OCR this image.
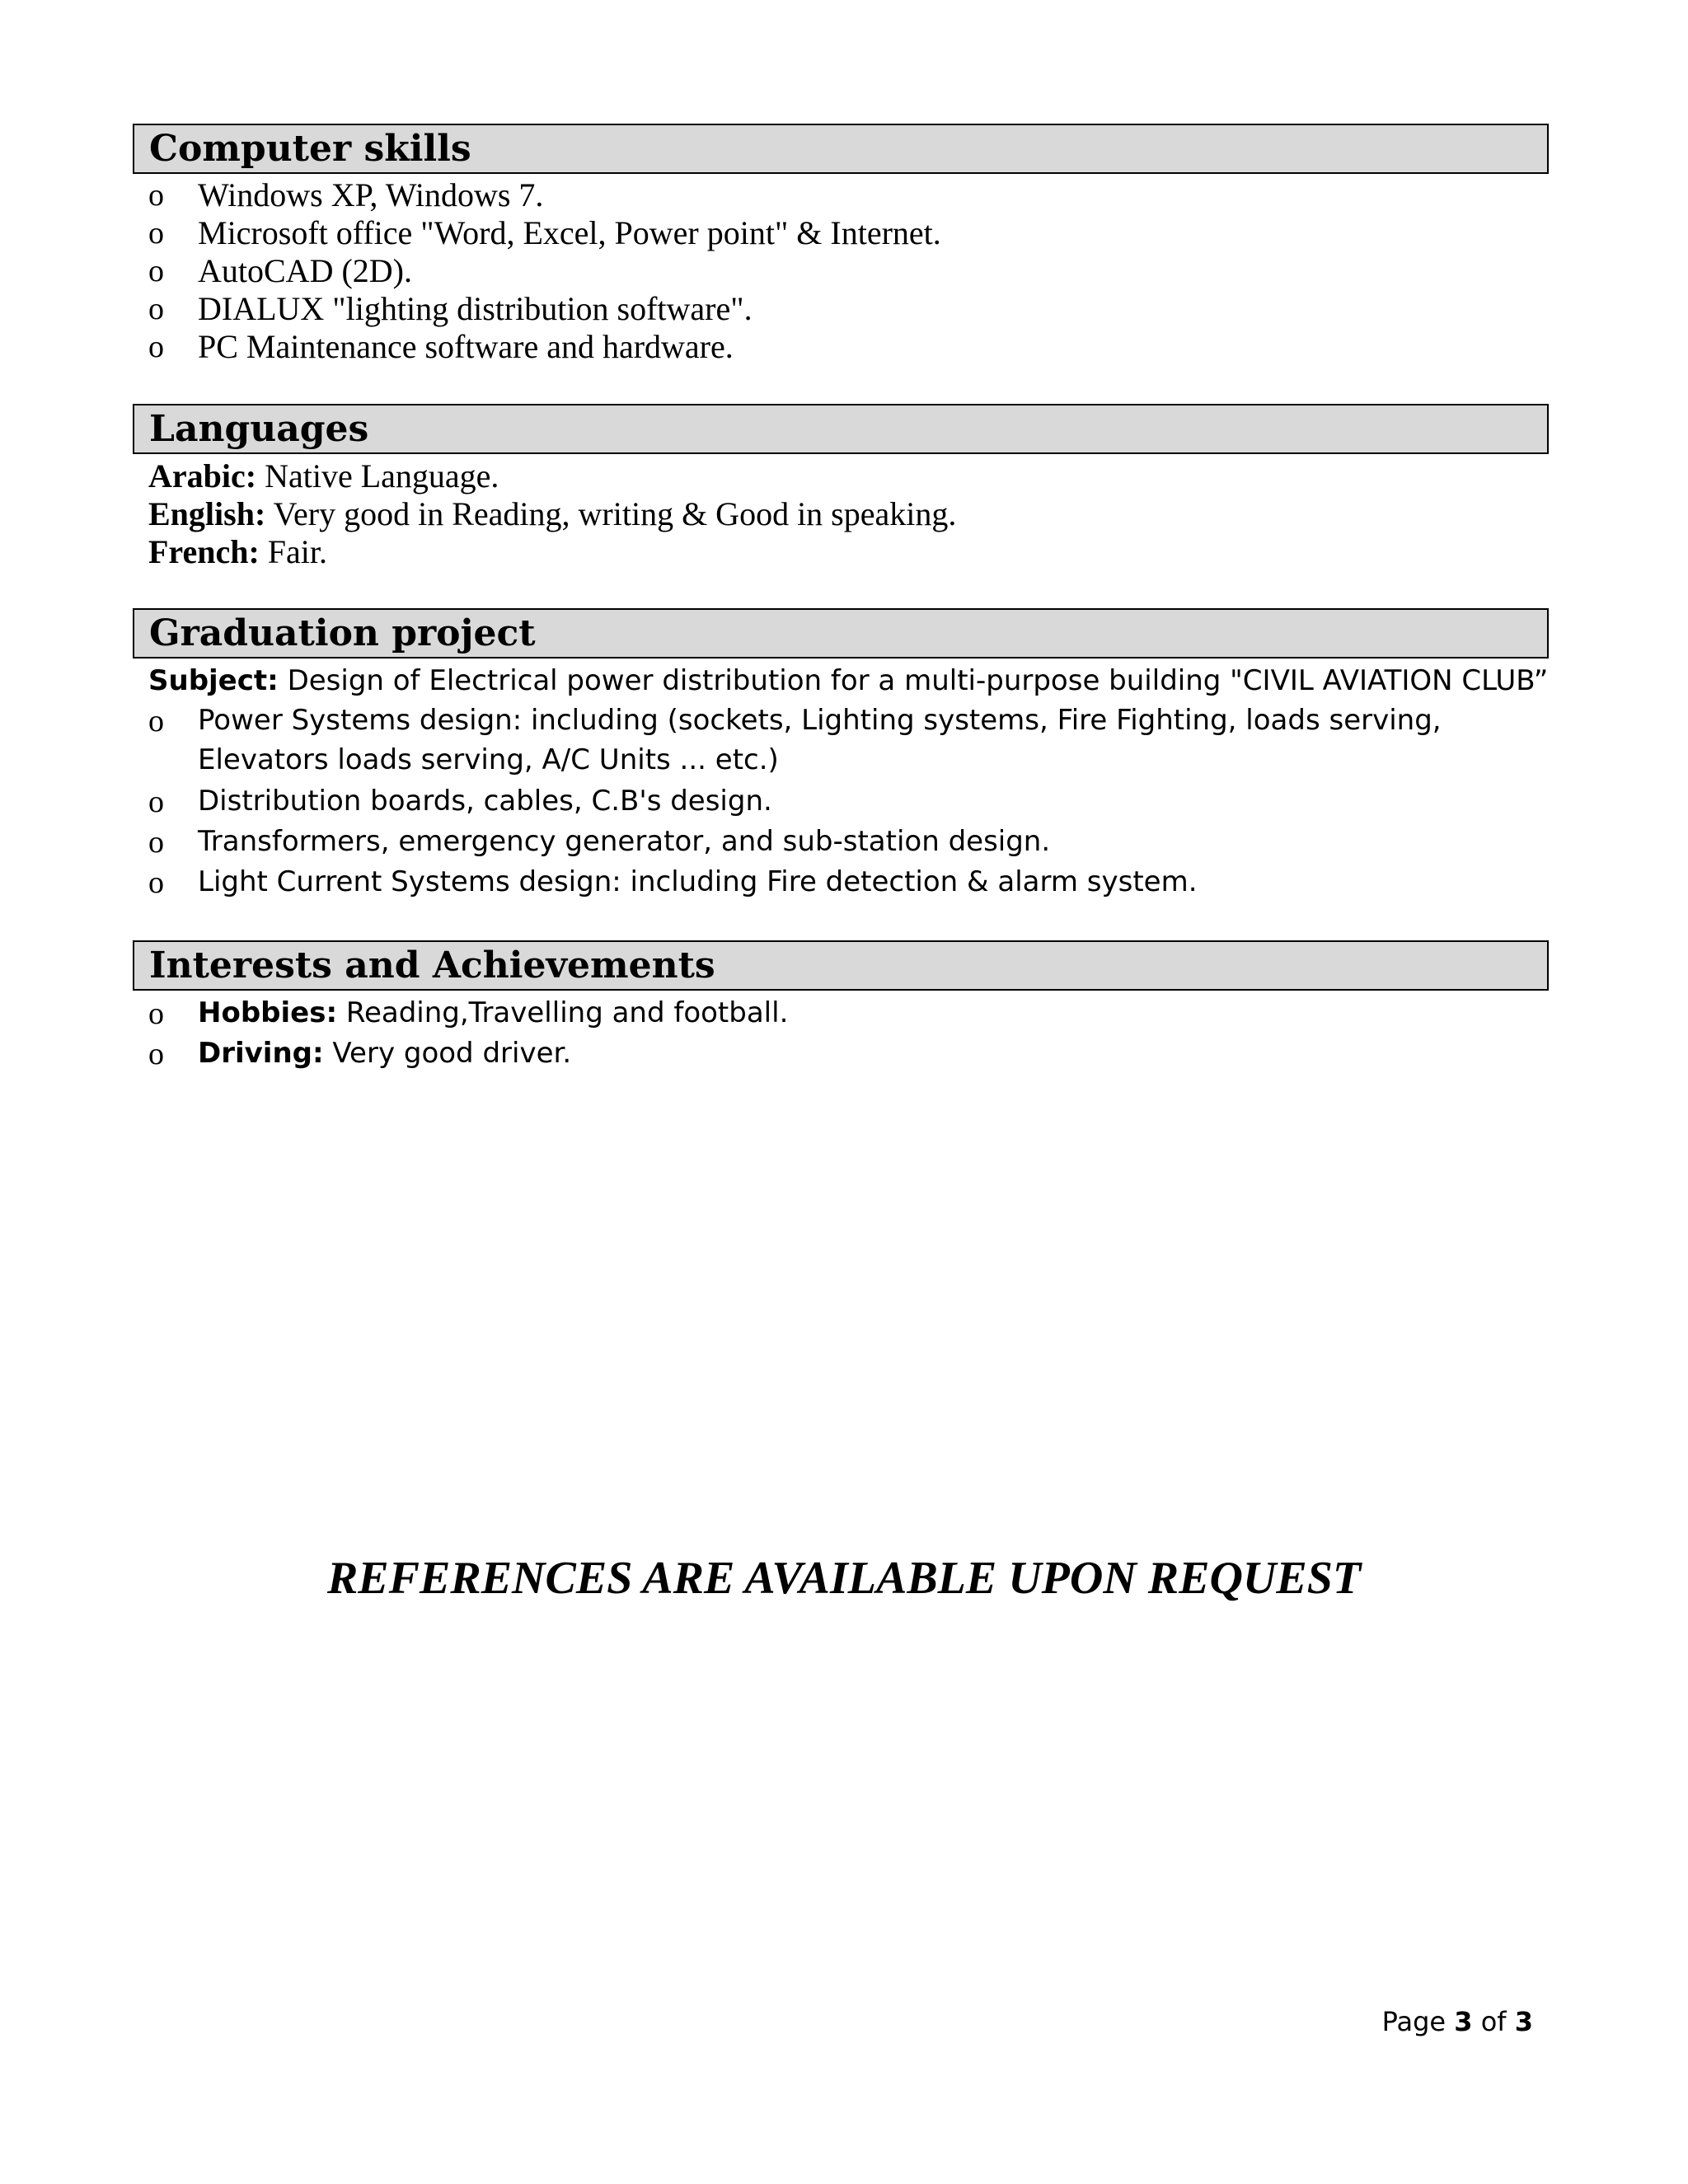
Computer skills
o Windows XP, Windows 7.
o Microsoft office "Word, Excel, Power point" & Internet.
o AutoCAD (2D).
o DIALUX "lighting distribution software".
o PC Maintenance software and hardware.
Languages
Arabic: Native Language.
English: Very good in Reading, writing & Good in speaking.
French: Fair.
Graduation project
Subject: Design of Electrical power distribution for a multi-purpose building "CIVIL AVIATION CLUB”
o	Power Systems design: including (sockets, Lighting systems, Fire Fighting, loads serving, Elevators loads serving, A/C Units ... etc.)
o	Distribution boards, cables, C.B's design.
o	Transformers, emergency generator, and sub-station design.
o	Light Current Systems design: including Fire detection & alarm system.
Interests and Achievements
o	Hobbies: Reading,Travelling and football.
o	Driving: Very good driver.
REFERENCES ARE AVAILABLE UPON REQUEST
Page 3 of 3
